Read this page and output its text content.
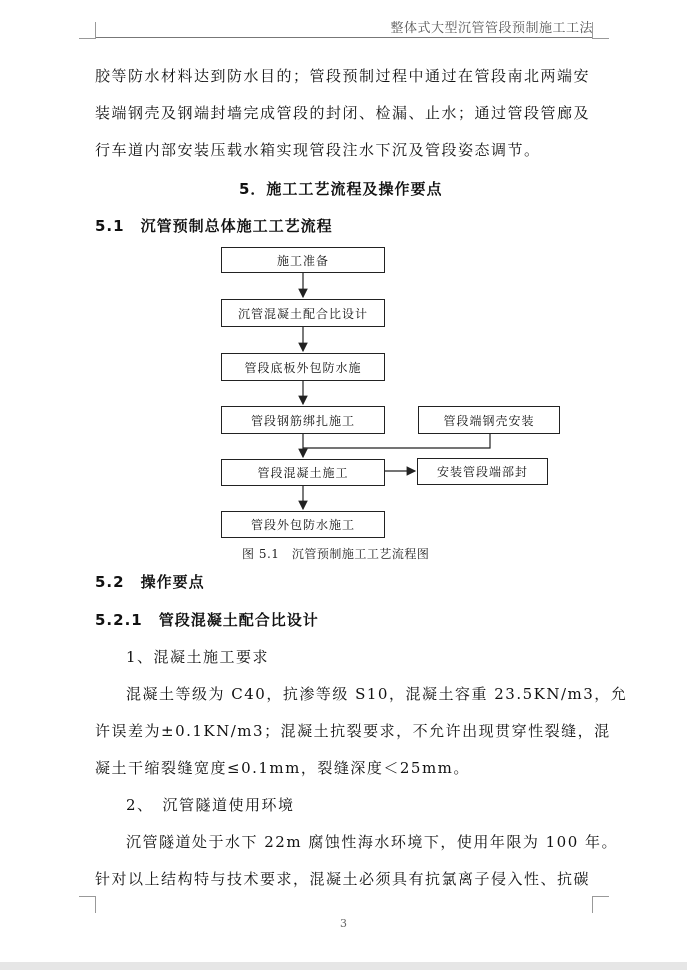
整体式大型沉管管段预制施工工法
胶等防水材料达到防水目的；管段预制过程中通过在管段南北两端安
装端钢壳及钢端封墙完成管段的封闭、检漏、止水；通过管段管廊及
行车道内部安装压载水箱实现管段注水下沉及管段姿态调节。
5．施工工艺流程及操作要点
5.1　沉管预制总体施工工艺流程
施工准备
沉管混凝土配合比设计
管段底板外包防水施
管段钢筋绑扎施工
管段混凝土施工
管段外包防水施工
管段端钢壳安装
安装管段端部封
图 5.1　沉管预制施工工艺流程图
5.2　操作要点
5.2.1　管段混凝土配合比设计
1、混凝土施工要求
混凝土等级为 C40，抗渗等级 S10，混凝土容重 23.5KN/m3，允
许误差为±0.1KN/m3；混凝土抗裂要求，不允许出现贯穿性裂缝，混
凝土干缩裂缝宽度≤0.1mm，裂缝深度＜25mm。
2、　沉管隧道使用环境
沉管隧道处于水下 22m 腐蚀性海水环境下，使用年限为 100 年。
针对以上结构特与技术要求，混凝土必须具有抗氯离子侵入性、抗碳
3
